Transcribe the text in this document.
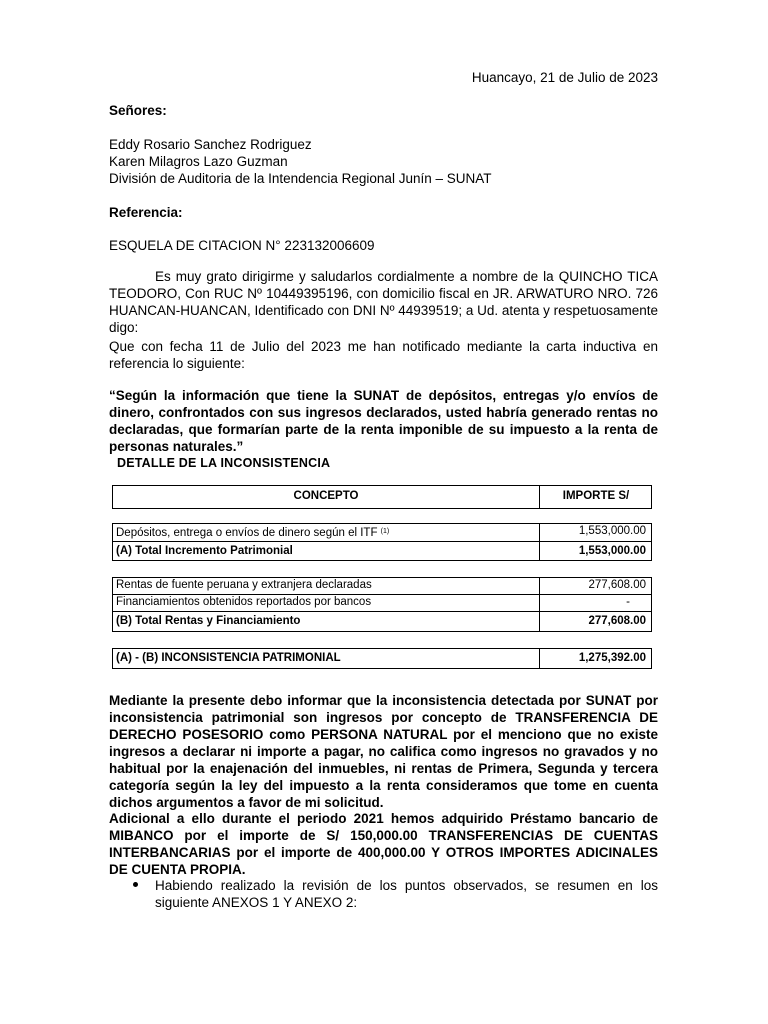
Huancayo, 21 de Julio de 2023
Señores:
Eddy Rosario Sanchez Rodriguez
Karen Milagros Lazo Guzman
División de Auditoria de la Intendencia Regional Junín – SUNAT
Referencia:
ESQUELA DE CITACION N° 223132006609
Es muy grato dirigirme y saludarlos cordialmente a nombre de la QUINCHO TICA TEODORO, Con RUC Nº 10449395196, con domicilio fiscal en JR. ARWATURO NRO. 726 HUANCAN-HUANCAN, Identificado con DNI Nº 44939519; a Ud. atenta y respetuosamente digo:
Que con fecha 11 de Julio del 2023 me han notificado mediante la carta inductiva en referencia lo siguiente:
“Según la información que tiene la SUNAT de depósitos, entregas y/o envíos de dinero, confrontados con sus ingresos declarados, usted habría generado rentas no declaradas, que formarían parte de la renta imponible de su impuesto a la renta de personas naturales.”
DETALLE DE LA INCONSISTENCIA
CONCEPTO	IMPORTE S/
Depósitos, entrega o envíos de dinero según el ITF $^{(1)}$	1,553,000.00
(A) Total Incremento Patrimonial	1,553,000.00
Rentas de fuente peruana y extranjera declaradas	277,608.00
Financiamientos obtenidos reportados por bancos	-
(B) Total Rentas y Financiamiento	277,608.00
(A) - (B) INCONSISTENCIA PATRIMONIAL	1,275,392.00
Mediante la presente debo informar que la inconsistencia detectada por SUNAT por inconsistencia patrimonial son ingresos por concepto de TRANSFERENCIA DE DERECHO POSESORIO como PERSONA NATURAL por el menciono que no existe ingresos a declarar ni importe a pagar, no califica como ingresos no gravados y no habitual por la enajenación del inmuebles, ni rentas de Primera, Segunda y tercera categoría según la ley del impuesto a la renta consideramos que tome en cuenta dichos argumentos a favor de mi solicitud.
Adicional a ello durante el periodo 2021 hemos adquirido Préstamo bancario de MIBANCO por el importe de S/ 150,000.00 TRANSFERENCIAS DE CUENTAS INTERBANCARIAS por el importe de 400,000.00 Y OTROS IMPORTES ADICINALES DE CUENTA PROPIA.
Habiendo realizado la revisión de los puntos observados, se resumen en los siguiente ANEXOS 1 Y ANEXO 2:
